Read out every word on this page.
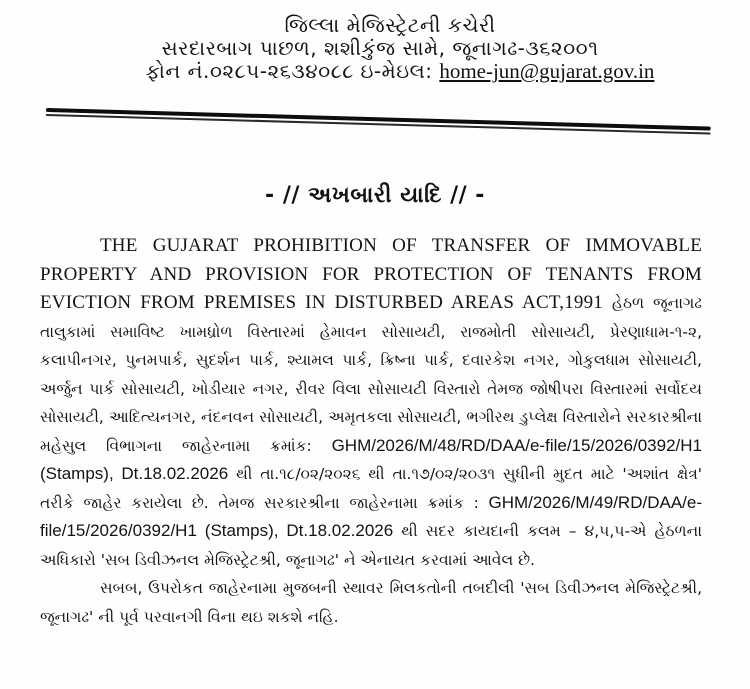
જિલ્લા મેજિસ્ટ્રેટની કચેરી
સરદારબાગ પાછળ, શશીકુંજ સામે, જૂનાગઢ-૩૬૨૦૦૧
ફોન નં.૦૨૮૫-૨૬૩૪૦૮૮ ઇ-મેઇલ: home-jun@gujarat.gov.in
- // અખબારી યાદિ // -

THE GUJARAT PROHIBITION OF TRANSFER OF IMMOVABLE PROPERTY AND PROVISION FOR PROTECTION OF TENANTS FROM EVICTION FROM PREMISES IN DISTURBED AREAS ACT,1991 હેઠળ જૂનાગઢ તાલુકામાં સમાવિષ્ટ ખામધ્રોળ વિસ્તારમાં હેમાવન સોસાયટી, રાજમોતી સોસાયટી, પ્રેરણાધામ-૧-૨, કલાપીનગર, પુનમપાર્ક, સુદર્શન પાર્ક, શ્યામલ પાર્ક, ક્રિષ્ના પાર્ક, દવારકેશ નગર, ગોકુલધામ સોસાયટી, અર્જુન પાર્ક સોસાયટી, ખોડીયાર નગર, રીવર વિલા સોસાયટી વિસ્તારો તેમજ જોષીપરા વિસ્તારમાં સર્વોદય સોસાયટી, આદિત્યનગર, નંદનવન સોસાયટી, અમૃતકલા સોસાયટી, ભગીરથ ડુપ્લેક્ષ વિસ્તારોને સરકારશ્રીના મહેસુલ વિભાગના જાહેરનામા ક્રમાંક: GHM/2026/M/48/RD/DAA/e-file/15/2026/0392/H1 (Stamps), Dt.18.02.2026 થી તા.૧૮/૦૨/૨૦૨૬ થી તા.૧૭/૦૨/૨૦૩૧ સુધીની મુદત માટે 'અશાંત ક્ષેત્ર' તરીકે જાહેર કરાયેલા છે. તેમજ સરકારશ્રીના જાહેરનામા ક્રમાંક : GHM/2026/M/49/RD/DAA/e-file/15/2026/0392/H1 (Stamps), Dt.18.02.2026 થી સદર કાયદાની કલમ – ૪,૫,૫-એ હેઠળના અધિકારો 'સબ ડિવીઝનલ મેજિસ્ટ્રેટશ્રી, જૂનાગઢ' ને એનાયત કરવામાં આવેલ છે.

સબબ, ઉપરોકત જાહેરનામા મુજબની સ્થાવર મિલકતોની તબદીલી 'સબ ડિવીઝનલ મેજિસ્ટ્રેટશ્રી, જૂનાગઢ' ની પૂર્વ પરવાનગી વિના થઇ શકશે નહિ.
